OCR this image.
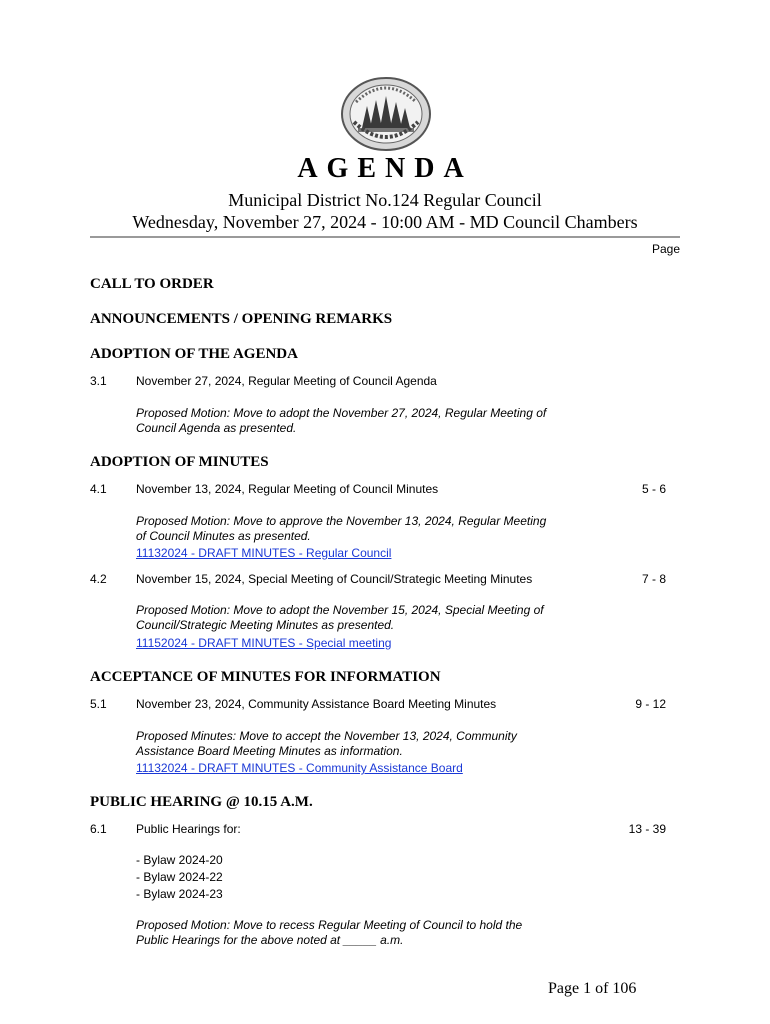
AGENDA
Municipal District No.124 Regular Council
Wednesday, November 27, 2024 - 10:00 AM - MD Council Chambers
Page
CALL TO ORDER
ANNOUNCEMENTS / OPENING REMARKS
ADOPTION OF THE AGENDA
3.1 November 27, 2024, Regular Meeting of Council Agenda
Proposed Motion: Move to adopt the November 27, 2024, Regular Meeting of
Council Agenda as presented.
ADOPTION OF MINUTES
4.1 November 13, 2024, Regular Meeting of Council Minutes	5 - 6
Proposed Motion: Move to approve the November 13, 2024, Regular Meeting
of Council Minutes as presented.
11132024 - DRAFT MINUTES - Regular Council
4.2 November 15, 2024, Special Meeting of Council/Strategic Meeting Minutes	7 - 8
Proposed Motion: Move to adopt the November 15, 2024, Special Meeting of
Council/Strategic Meeting Minutes as presented.
11152024 - DRAFT MINUTES - Special meeting
ACCEPTANCE OF MINUTES FOR INFORMATION
5.1 November 23, 2024, Community Assistance Board Meeting Minutes	9 - 12
Proposed Minutes: Move to accept the November 13, 2024, Community
Assistance Board Meeting Minutes as information.
11132024 - DRAFT MINUTES - Community Assistance Board
PUBLIC HEARING @ 10.15 A.M.
6.1 Public Hearings for:	13 - 39
- Bylaw 2024-20
- Bylaw 2024-22
- Bylaw 2024-23
Proposed Motion: Move to recess Regular Meeting of Council to hold the
Public Hearings for the above noted at _____ a.m.
Page 1 of 106
